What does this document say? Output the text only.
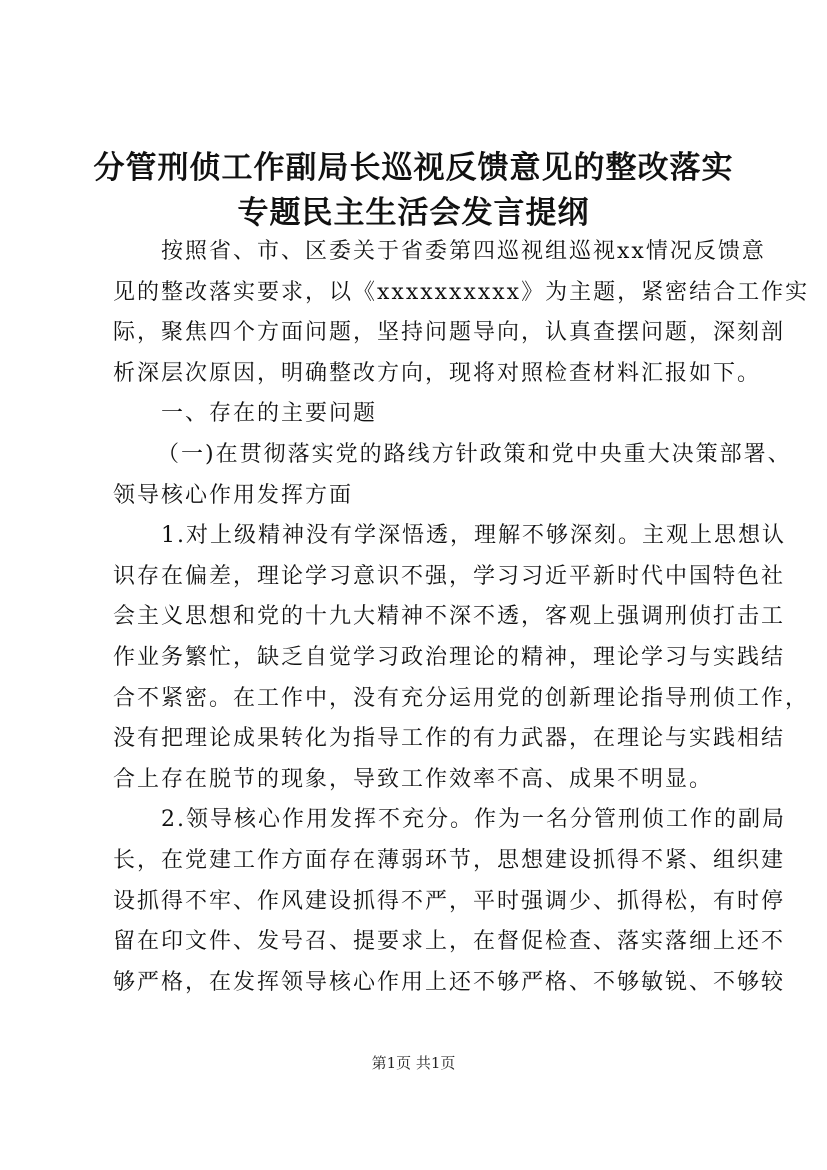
分管刑侦工作副局长巡视反馈意见的整改落实
专题民主生活会发言提纲
按照省、市、区委关于省委第四巡视组巡视xx情况反馈意
见的整改落实要求，以《xxxxxxxxxx》为主题，紧密结合工作实
际，聚焦四个方面问题，坚持问题导向，认真查摆问题，深刻剖
析深层次原因，明确整改方向，现将对照检查材料汇报如下。
一、存在的主要问题
（一)在贯彻落实党的路线方针政策和党中央重大决策部署、
领导核心作用发挥方面
1.对上级精神没有学深悟透，理解不够深刻。主观上思想认
识存在偏差，理论学习意识不强，学习习近平新时代中国特色社
会主义思想和党的十九大精神不深不透，客观上强调刑侦打击工
作业务繁忙，缺乏自觉学习政治理论的精神，理论学习与实践结
合不紧密。在工作中，没有充分运用党的创新理论指导刑侦工作，
没有把理论成果转化为指导工作的有力武器，在理论与实践相结
合上存在脱节的现象，导致工作效率不高、成果不明显。
2.领导核心作用发挥不充分。作为一名分管刑侦工作的副局
长，在党建工作方面存在薄弱环节，思想建设抓得不紧、组织建
设抓得不牢、作风建设抓得不严，平时强调少、抓得松，有时停
留在印文件、发号召、提要求上，在督促检查、落实落细上还不
够严格，在发挥领导核心作用上还不够严格、不够敏锐、不够较
第1页 共1页
